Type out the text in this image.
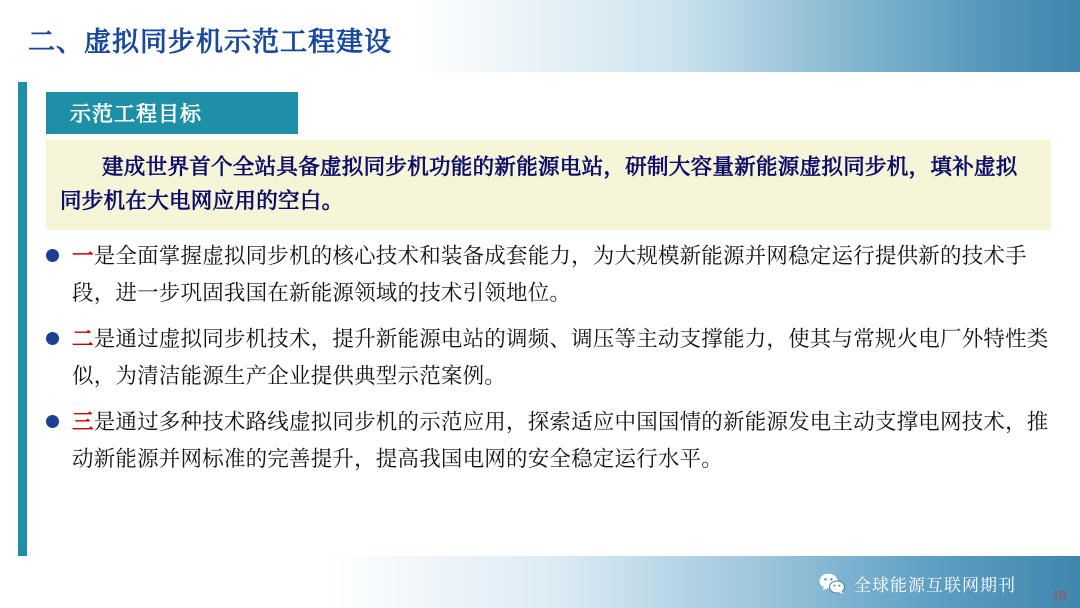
二、虚拟同步机示范工程建设
示范工程目标
建成世界首个全站具备虚拟同步机功能的新能源电站，研制大容量新能源虚拟同步机，填补虚拟同步机在大电网应用的空白。
一是全面掌握虚拟同步机的核心技术和装备成套能力，为大规模新能源并网稳定运行提供新的技术手段，进一步巩固我国在新能源领域的技术引领地位。
二是通过虚拟同步机技术，提升新能源电站的调频、调压等主动支撑能力，使其与常规火电厂外特性类似，为清洁能源生产企业提供典型示范案例。
三是通过多种技术路线虚拟同步机的示范应用，探索适应中国国情的新能源发电主动支撑电网技术，推动新能源并网标准的完善提升，提高我国电网的安全稳定运行水平。
全球能源互联网期刊	10
